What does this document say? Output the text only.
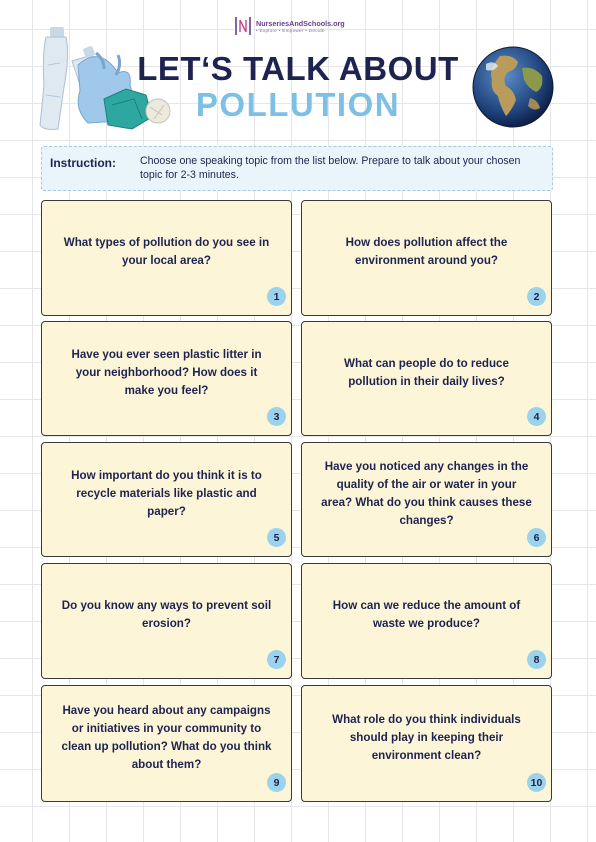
NurseriesAndSchools.org
• Explore • Empower • Decide
LET‘S TALK ABOUT
POLLUTION
Instruction: Choose one speaking topic from the list below. Prepare to talk about your chosen topic for 2-3 minutes.
What types of pollution do you see in your local area?
1
How does pollution affect the environment around you?
2
Have you ever seen plastic litter in your neighborhood? How does it make you feel?
3
What can people do to reduce pollution in their daily lives?
4
How important do you think it is to recycle materials like plastic and paper?
5
Have you noticed any changes in the quality of the air or water in your area? What do you think causes these changes?
6
Do you know any ways to prevent soil erosion?
7
How can we reduce the amount of waste we produce?
8
Have you heard about any campaigns or initiatives in your community to clean up pollution? What do you think about them?
9
What role do you think individuals should play in keeping their environment clean?
10
